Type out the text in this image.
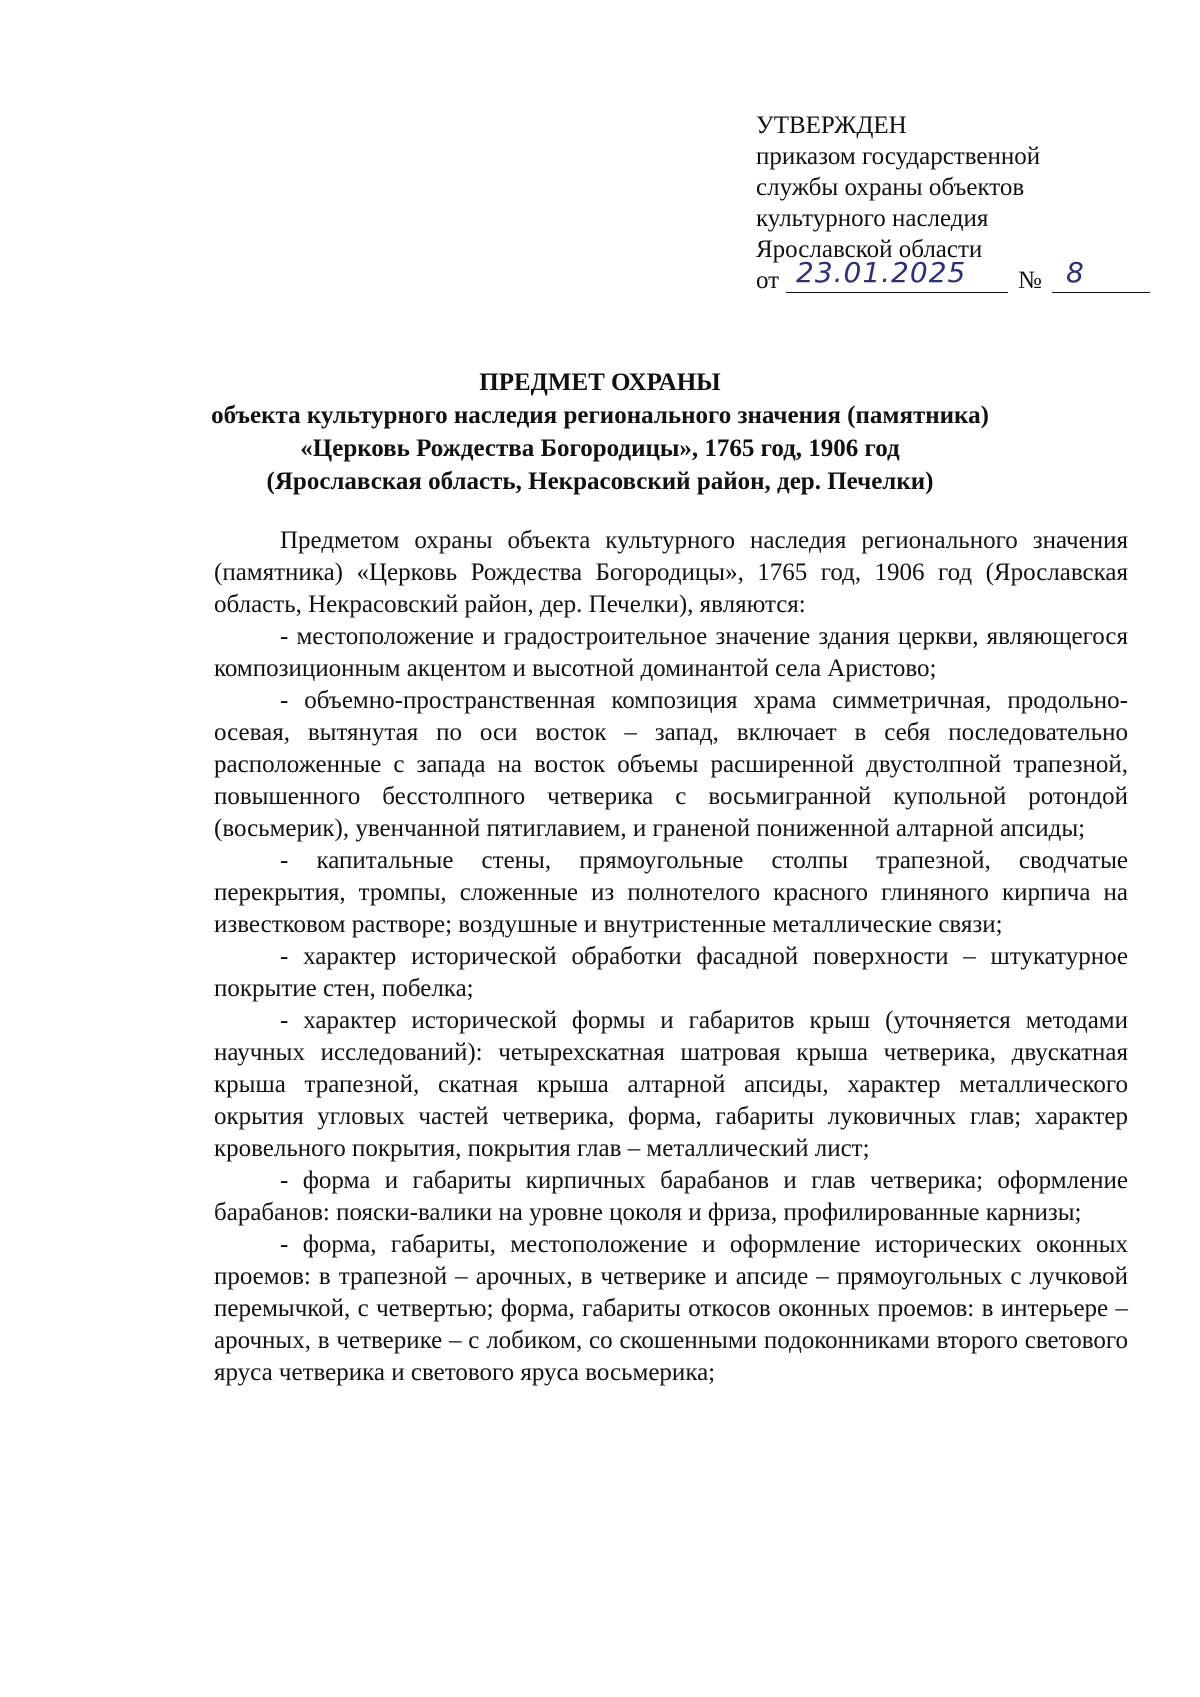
УТВЕРЖДЕН
приказом государственной
службы охраны объектов
культурного наследия
Ярославской области
от 23.01.2025 № 8
ПРЕДМЕТ ОХРАНЫ
объекта культурного наследия регионального значения (памятника)
«Церковь Рождества Богородицы», 1765 год, 1906 год
(Ярославская область, Некрасовский район, дер. Печелки)

Предметом охраны объекта культурного наследия регионального значения (памятника) «Церковь Рождества Богородицы», 1765 год, 1906 год (Ярославская область, Некрасовский район, дер. Печелки), являются:

- местоположение и градостроительное значение здания церкви, являющегося композиционным акцентом и высотной доминантой села Аристово;

- объемно-пространственная композиция храма симметричная, продольно-осевая, вытянутая по оси восток – запад, включает в себя последовательно расположенные с запада на восток объемы расширенной двустолпной трапезной, повышенного бесстолпного четверика с восьмигранной купольной ротондой (восьмерик), увенчанной пятиглавием, и граненой пониженной алтарной апсиды;

- капитальные стены, прямоугольные столпы трапезной, сводчатые перекрытия, тромпы, сложенные из полнотелого красного глиняного кирпича на известковом растворе; воздушные и внутристенные металлические связи;

- характер исторической обработки фасадной поверхности – штукатурное покрытие стен, побелка;

- характер исторической формы и габаритов крыш (уточняется методами научных исследований): четырехскатная шатровая крыша четверика, двускатная крыша трапезной, скатная крыша алтарной апсиды, характер металлического окрытия угловых частей четверика, форма, габариты луковичных глав; характер кровельного покрытия, покрытия глав – металлический лист;

- форма и габариты кирпичных барабанов и глав четверика; оформление барабанов: пояски-валики на уровне цоколя и фриза, профилированные карнизы;

- форма, габариты, местоположение и оформление исторических оконных проемов: в трапезной – арочных, в четверике и апсиде – прямоугольных с лучковой перемычкой, с четвертью; форма, габариты откосов оконных проемов: в интерьере – арочных, в четверике – с лобиком, со скошенными подоконниками второго светового яруса четверика и светового яруса восьмерика;
